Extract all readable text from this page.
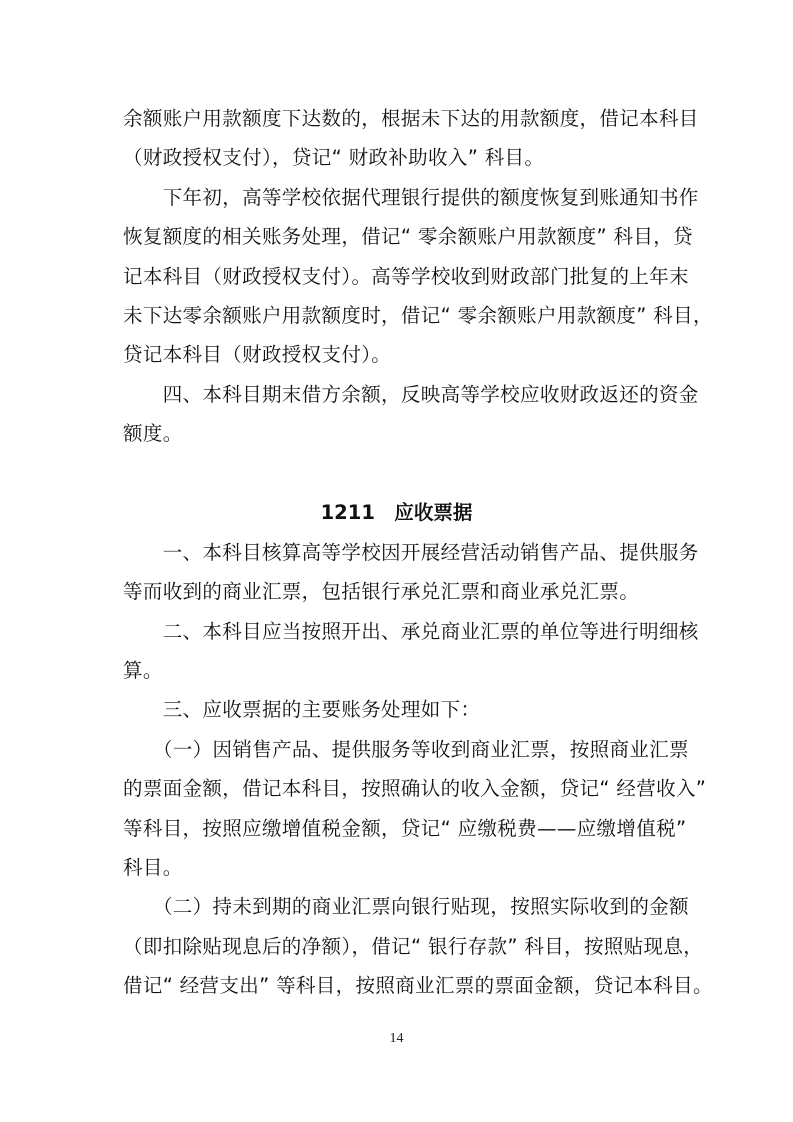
余额账户用款额度下达数的，根据未下达的用款额度，借记本科目
（财政授权支付），贷记“ 财政补助收入” 科目。
　　下年初，高等学校依据代理银行提供的额度恢复到账通知书作
恢复额度的相关账务处理，借记“ 零余额账户用款额度” 科目，贷
记本科目（财政授权支付）。高等学校收到财政部门批复的上年末
未下达零余额账户用款额度时，借记“ 零余额账户用款额度” 科目，
贷记本科目（财政授权支付）。
　　四、本科目期末借方余额，反映高等学校应收财政返还的资金
额度。
1211　应收票据
　　一、本科目核算高等学校因开展经营活动销售产品、提供服务
等而收到的商业汇票，包括银行承兑汇票和商业承兑汇票。
　　二、本科目应当按照开出、承兑商业汇票的单位等进行明细核
算。
　　三、应收票据的主要账务处理如下：
　　（一）因销售产品、提供服务等收到商业汇票，按照商业汇票
的票面金额，借记本科目，按照确认的收入金额，贷记“ 经营收入”
等科目，按照应缴增值税金额，贷记“ 应缴税费——应缴增值税”
科目。
　　（二）持未到期的商业汇票向银行贴现，按照实际收到的金额
（即扣除贴现息后的净额），借记“ 银行存款” 科目，按照贴现息，
借记“ 经营支出” 等科目，按照商业汇票的票面金额，贷记本科目。
14
